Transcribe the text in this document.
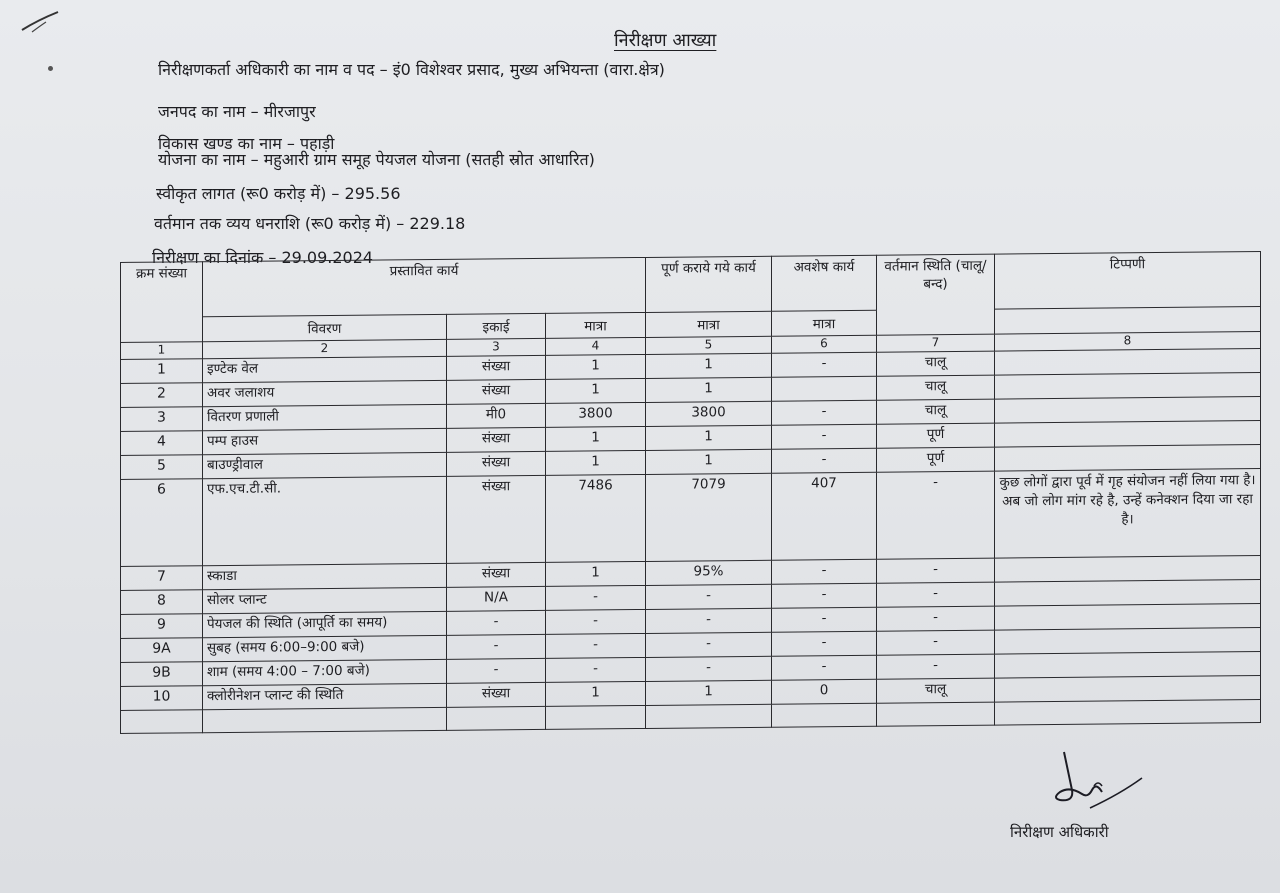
निरीक्षण आख्या
निरीक्षणकर्ता अधिकारी का नाम व पद – इं0 विशेश्वर प्रसाद, मुख्य अभियन्ता (वारा.क्षेत्र)
जनपद का नाम – मीरजापुर
विकास खण्ड का नाम – पहाड़ी
योजना का नाम – महुआरी ग्राम समूह पेयजल योजना (सतही स्रोत आधारित)
स्वीकृत लागत (रू0 करोड़ में) – 295.56
वर्तमान तक व्यय धनराशि (रू0 करोड़ में) – 229.18
निरीक्षण का दिनांक – 29.09.2024
क्रम संख्या	प्रस्तावित कार्य			पूर्ण कराये गये कार्य	अवशेष कार्य	वर्तमान स्थिति (चालू/बन्द)	टिप्पणी
	विवरण	इकाई	मात्रा	मात्रा	मात्रा		
1	2	3	4	5	6	7	8
1	इण्टेक वेल	संख्या	1	1	-	चालू	
2	अवर जलाशय	संख्या	1	1		चालू	
3	वितरण प्रणाली	मी0	3800	3800	-	चालू	
4	पम्प हाउस	संख्या	1	1	-	पूर्ण	
5	बाउण्ड्रीवाल	संख्या	1	1	-	पूर्ण	
6	एफ.एच.टी.सी.	संख्या	7486	7079	407	-	कुछ लोगों द्वारा पूर्व में गृह संयोजन नहीं लिया गया है। अब जो लोग मांग रहे है, उन्हें कनेक्शन दिया जा रहा है।
7	स्काडा	संख्या	1	95%	-	-	
8	सोलर प्लान्ट	N/A	-	-	-	-	
9	पेयजल की स्थिति (आपूर्ति का समय)	-	-	-	-	-	
9A	सुबह (समय 6:00–9:00 बजे)	-	-	-	-	-	
9B	शाम (समय 4:00 – 7:00 बजे)	-	-	-	-	-	
10	क्लोरीनेशन प्लान्ट की स्थिति	संख्या	1	1	0	चालू	

निरीक्षण अधिकारी
